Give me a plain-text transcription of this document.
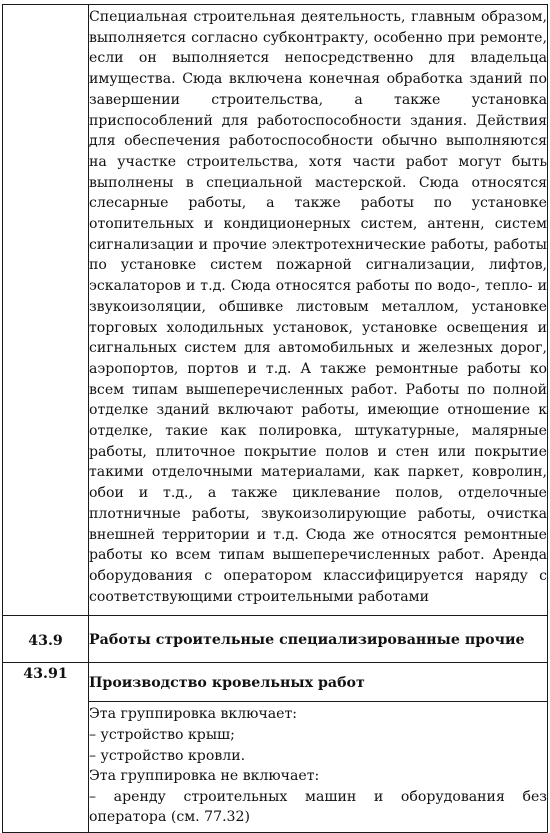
	Специальная строительная деятельность, главным образом, выполняется согласно субконтракту, особенно при ремонте, если он выполняется непосредственно для владельца имущества. Сюда включена конечная обработка зданий по завершении строительства, а также установка приспособлений для работоспособности здания. Действия для обеспечения работоспособности обычно выполняются на участке строительства, хотя части работ могут быть выполнены в специальной мастерской. Сюда относятся слесарные работы, а также работы по установке отопительных и кондиционерных систем, антенн, систем сигнализации и прочие электротехнические работы, работы по установке систем пожарной сигнализации, лифтов, эскалаторов и т.д. Сюда относятся работы по водо-, тепло- и звукоизоляции, обшивке листовым металлом, установке торговых холодильных установок, установке освещения и сигнальных систем для автомобильных и железных дорог, аэропортов, портов и т.д. А также ремонтные работы ко всем типам вышеперечисленных работ. Работы по полной отделке зданий включают работы, имеющие отношение к отделке, такие как полировка, штукатурные, малярные работы, плиточное покрытие полов и стен или покрытие такими отделочными материалами, как паркет, ковролин, обои и т.д., а также циклевание полов, отделочные плотничные работы, звукоизолирующие работы, очистка внешней территории и т.д. Сюда же относятся ремонтные работы ко всем типам вышеперечисленных работ. Аренда оборудования с оператором классифицируется наряду с соответствующими строительными работами

43.9	Работы строительные специализированные прочие
43.91	Производство кровельных работ

	Эта группировка включает:
– устройство крыш;
– устройство кровли.
Эта группировка не включает:
– аренду строительных машин и оборудования без оператора (см. 77.32)
